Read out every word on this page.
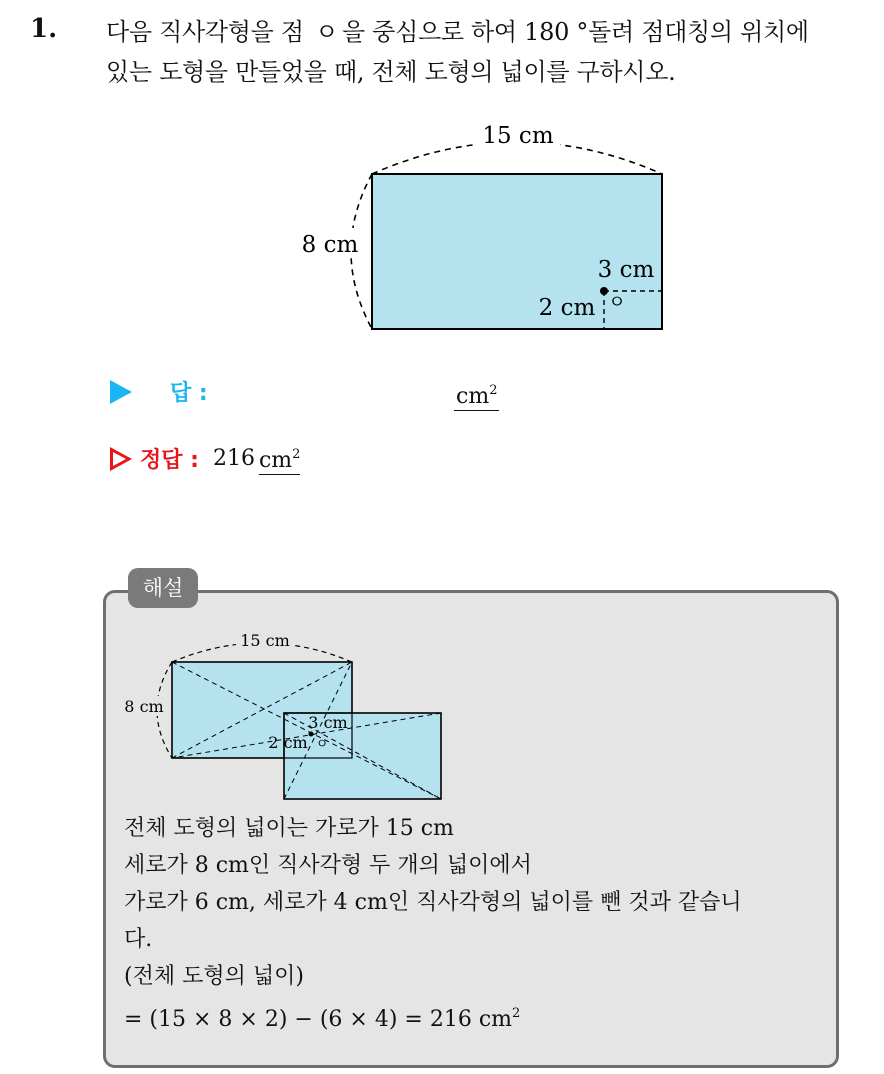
1. 다음 직사각형을 점 ㅇ 을 중심으로 하여 180 °돌려 점대칭의 위치에
있는 도형을 만들었을 때, 전체 도형의 넓이를 구하시오.
15 cm
8 cm
3 cm
2 cm ㅇ
답 :	$cm^2$
정답 : 216 $cm^2$
해설
15 cm
8 cm
3 cm
2 cm ㅇ
전체 도형의 넓이는 가로가 15 cm
세로가 8 cm인 직사각형 두 개의 넓이에서
가로가 6 cm, 세로가 4 cm인 직사각형의 넓이를 뺀 것과 같습니
다.
(전체 도형의 넓이)
= (15 × 8 × 2) − (6 × 4) = 216 $cm^2$
